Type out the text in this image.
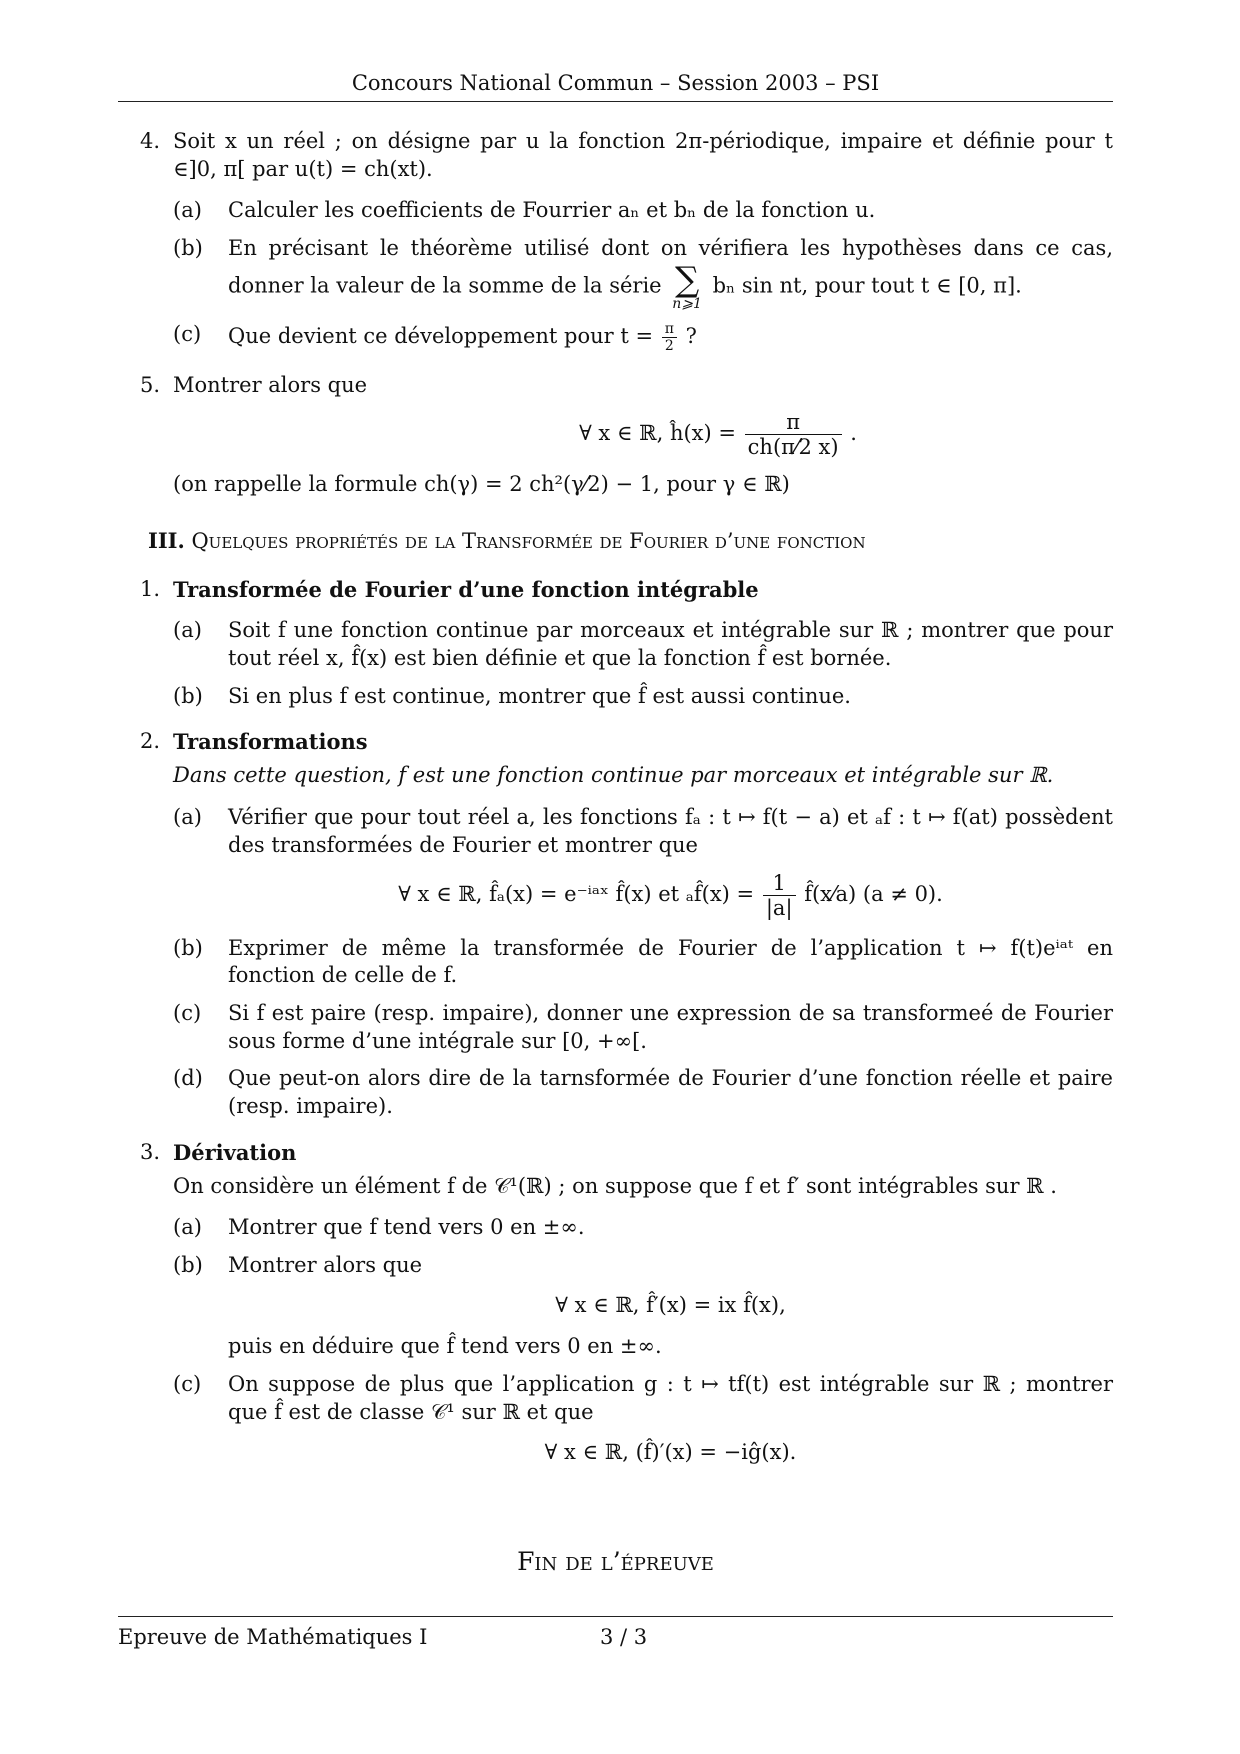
Concours National Commun – Session 2003 – PSI
4. Soit x un réel ; on désigne par u la fonction 2π-périodique, impaire et définie pour t ∈]0, π[ par u(t) = ch(xt).
(a) Calculer les coefficients de Fourrier aₙ et bₙ de la fonction u.
(b) En précisant le théorème utilisé dont on vérifiera les hypothèses dans ce cas, donner la valeur de la somme de la série ∑
n⩾1
bₙ sin nt, pour tout t ∈ [0, π].
(c) Que devient ce développement pour $t = \frac{\pi}{2}$ ?
5. Montrer alors que
∀ x ∈ ℝ, ĥ(x) = $\frac{\pi}{ch(\pi⁄2 x)}$ .
(on rappelle la formule ch(γ) = 2 ch²(γ⁄2) − 1, pour γ ∈ ℝ)
III. Quelques propriétés de la Transformée de Fourier d’une fonction
1. Transformée de Fourier d’une fonction intégrable
(a) Soit f une fonction continue par morceaux et intégrable sur ℝ ; montrer que pour tout réel x, f̂(x) est bien définie et que la fonction f̂ est bornée.
(b) Si en plus f est continue, montrer que f̂ est aussi continue.
2. Transformations
Dans cette question, f est une fonction continue par morceaux et intégrable sur ℝ.
(a) Vérifier que pour tout réel a, les fonctions fₐ : t ↦ f(t − a) et ₐf : t ↦ f(at) possèdent des transformées de Fourier et montrer que
∀ x ∈ ℝ, f̂ₐ(x) = e⁻ⁱᵃˣ f̂(x) et ₐf̂(x) = $\frac{1}{|a|}$ f̂(x⁄a) (a ≠ 0).
(b) Exprimer de même la transformée de Fourier de l’application t ↦ f(t)eⁱᵃᵗ en fonction de celle de f.
(c) Si f est paire (resp. impaire), donner une expression de sa transformeé de Fourier sous forme d’une intégrale sur [0, +∞[.
(d) Que peut-on alors dire de la tarnsformée de Fourier d’une fonction réelle et paire (resp. impaire).
3. Dérivation
On considère un élément f de 𝒞¹(ℝ) ; on suppose que f et f′ sont intégrables sur ℝ .
(a) Montrer que f tend vers 0 en ±∞.
(b) Montrer alors que
∀ x ∈ ℝ, f̂′(x) = ix f̂(x),
puis en déduire que f̂ tend vers 0 en ±∞.
(c) On suppose de plus que l’application g : t ↦ tf(t) est intégrable sur ℝ ; montrer que f̂ est de classe 𝒞¹ sur ℝ et que
∀ x ∈ ℝ, (f̂)′(x) = −iĝ(x).
Fin de l’épreuve
Epreuve de Mathématiques I	3 / 3
